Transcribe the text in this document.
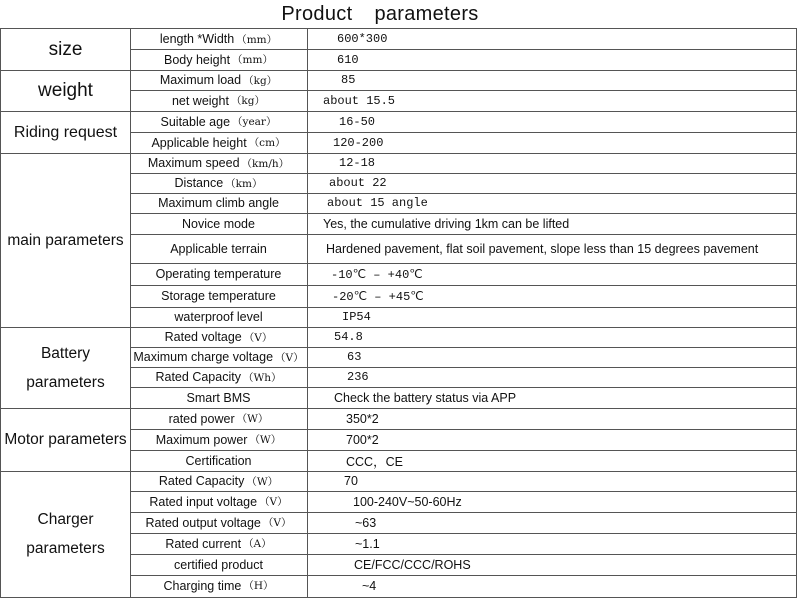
Product parameters
size	length *Width （mm）	600*300
Body height （mm）	610
weight	Maximum load （kg）	85
net weight （kg）	about 15.5
Riding request
Suitable age （year）	16-50
Applicable height （cm）	120-200
main parameters
Maximum speed （km/h）	12-18
Distance （km）	about 22
Maximum climb angle	about 15 angle
Novice mode	Yes, the cumulative driving 1km can be lifted
Applicable terrain	Hardened pavement, flat soil pavement, slope less than 15 degrees pavement
Operating temperature	-10℃ – +40℃
Storage temperature	-20℃ – +45℃
waterproof level	IP54
Battery
parameters
Rated voltage （V）	54.8
Maximum charge voltage （V）	63
Rated Capacity （Wh）	236
Smart BMS	Check the battery status via APP
Motor parameters
rated power （W）	350*2
Maximum power （W）	700*2
Certification	CCC，CE
Charger
parameters
Rated Capacity （W）	70
Rated input voltage （V）	100-240V~50-60Hz
Rated output voltage （V）	~63
Rated current （A）	~1.1
certified product	CE/FCC/CCC/ROHS
Charging time （H）	~4
